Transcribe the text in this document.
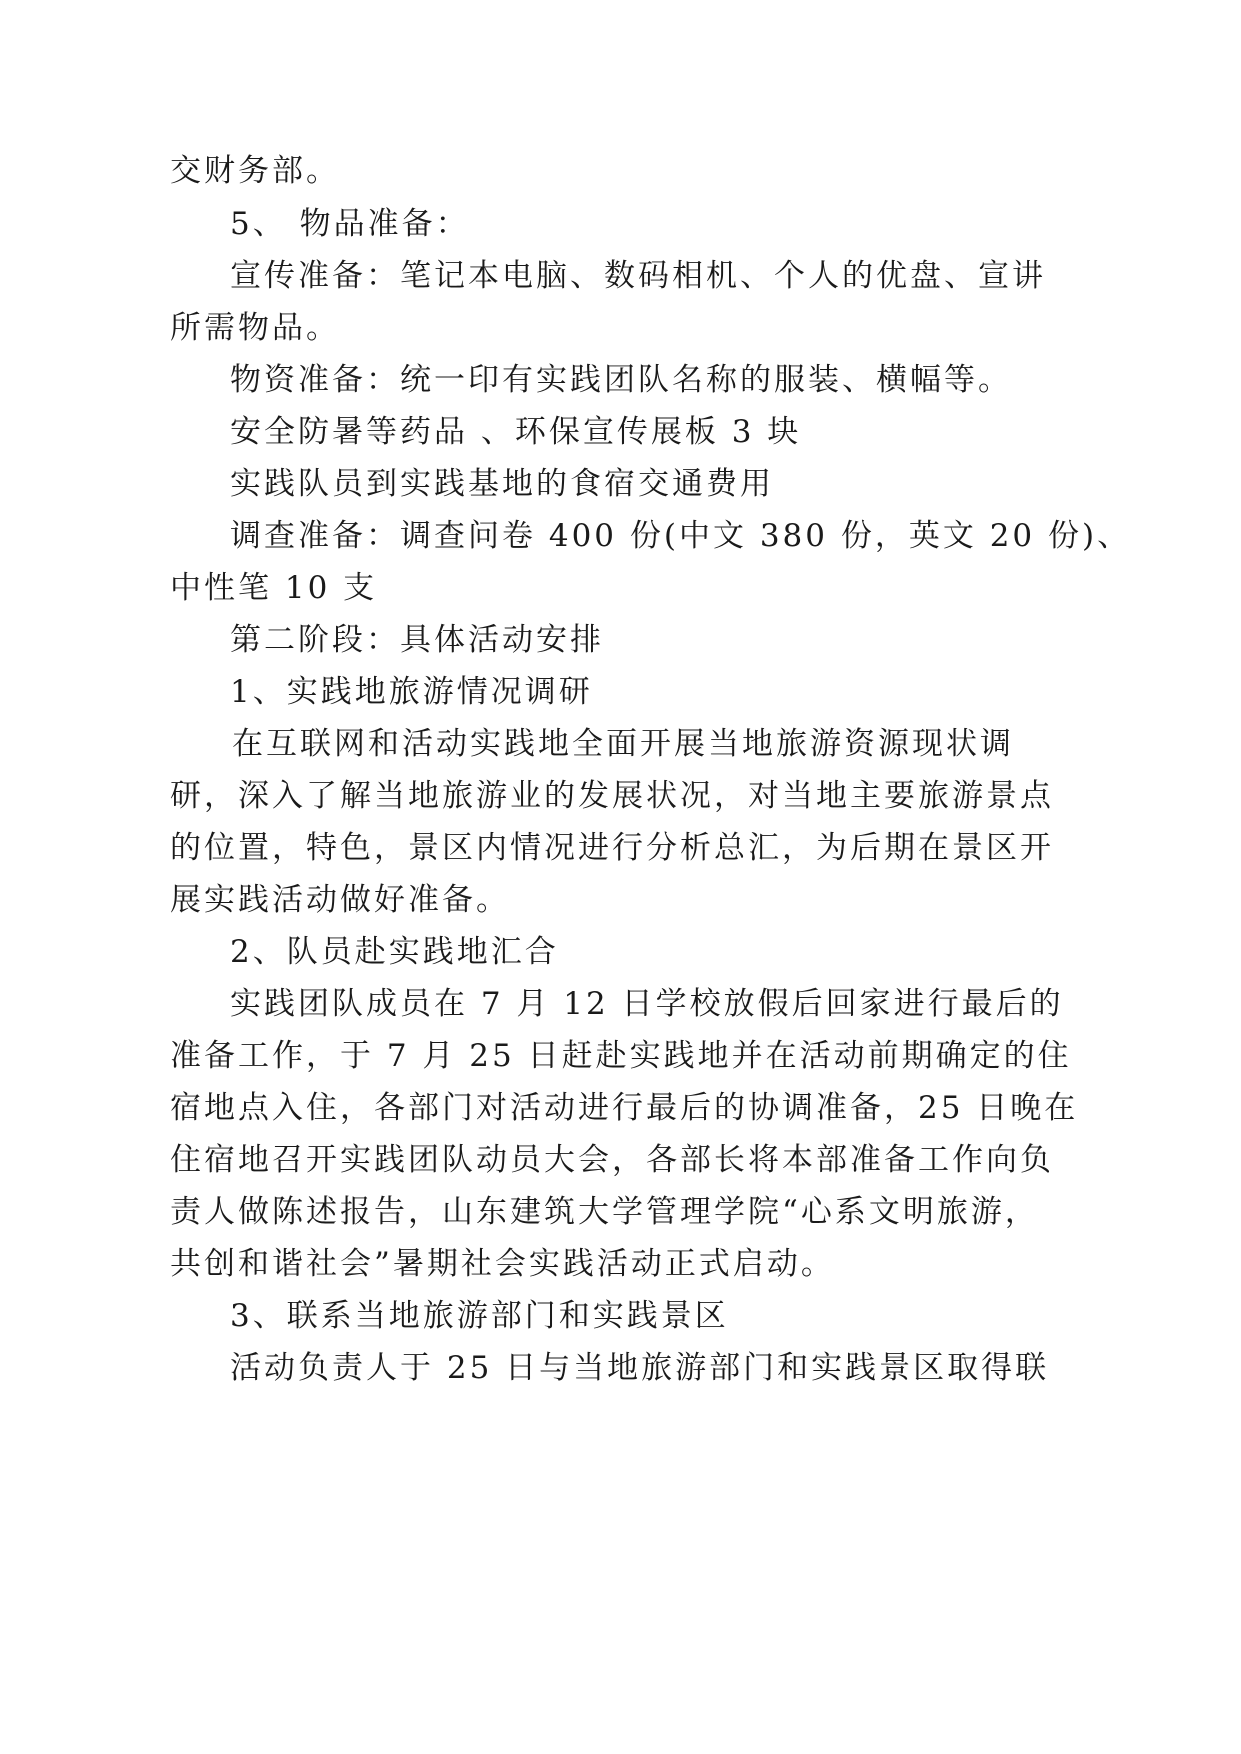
交财务部。
5、 物品准备：
宣传准备：笔记本电脑、数码相机、个人的优盘、宣讲
所需物品。
物资准备：统一印有实践团队名称的服装、横幅等。
安全防暑等药品 、环保宣传展板 3 块
实践队员到实践基地的食宿交通费用
调查准备：调查问卷 400 份(中文 380 份，英文 20 份)、
中性笔 10 支
第二阶段：具体活动安排
1、实践地旅游情况调研
在互联网和活动实践地全面开展当地旅游资源现状调
研，深入了解当地旅游业的发展状况，对当地主要旅游景点
的位置，特色，景区内情况进行分析总汇，为后期在景区开
展实践活动做好准备。
2、队员赴实践地汇合
实践团队成员在 7 月 12 日学校放假后回家进行最后的
准备工作，于 7 月 25 日赶赴实践地并在活动前期确定的住
宿地点入住，各部门对活动进行最后的协调准备，25 日晚在
住宿地召开实践团队动员大会，各部长将本部准备工作向负
责人做陈述报告，山东建筑大学管理学院“心系文明旅游，
共创和谐社会”暑期社会实践活动正式启动。
3、联系当地旅游部门和实践景区
活动负责人于 25 日与当地旅游部门和实践景区取得联
